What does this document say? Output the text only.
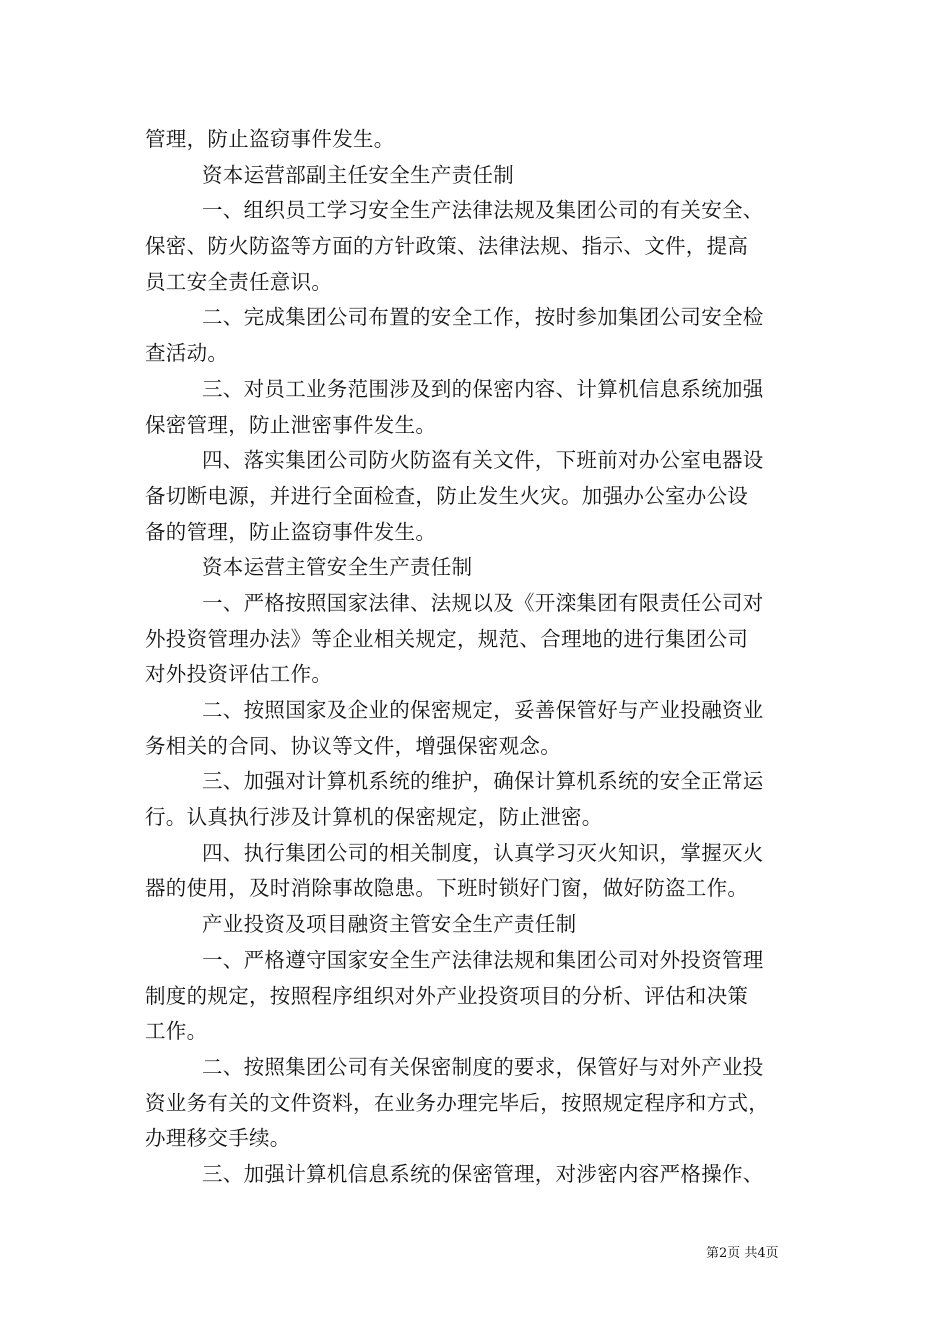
管理，防止盗窃事件发生。
资本运营部副主任安全生产责任制
一、组织员工学习安全生产法律法规及集团公司的有关安全、
保密、防火防盗等方面的方针政策、法律法规、指示、文件，提高
员工安全责任意识。
二、完成集团公司布置的安全工作，按时参加集团公司安全检
查活动。
三、对员工业务范围涉及到的保密内容、计算机信息系统加强
保密管理，防止泄密事件发生。
四、落实集团公司防火防盗有关文件，下班前对办公室电器设
备切断电源，并进行全面检查，防止发生火灾。加强办公室办公设
备的管理，防止盗窃事件发生。
资本运营主管安全生产责任制
一、严格按照国家法律、法规以及《开滦集团有限责任公司对
外投资管理办法》等企业相关规定，规范、合理地的进行集团公司
对外投资评估工作。
二、按照国家及企业的保密规定，妥善保管好与产业投融资业
务相关的合同、协议等文件，增强保密观念。
三、加强对计算机系统的维护，确保计算机系统的安全正常运
行。认真执行涉及计算机的保密规定，防止泄密。
四、执行集团公司的相关制度，认真学习灭火知识，掌握灭火
器的使用，及时消除事故隐患。下班时锁好门窗，做好防盗工作。
产业投资及项目融资主管安全生产责任制
一、严格遵守国家安全生产法律法规和集团公司对外投资管理
制度的规定，按照程序组织对外产业投资项目的分析、评估和决策
工作。
二、按照集团公司有关保密制度的要求，保管好与对外产业投
资业务有关的文件资料，在业务办理完毕后，按照规定程序和方式，
办理移交手续。
三、加强计算机信息系统的保密管理，对涉密内容严格操作、
第2页 共4页
